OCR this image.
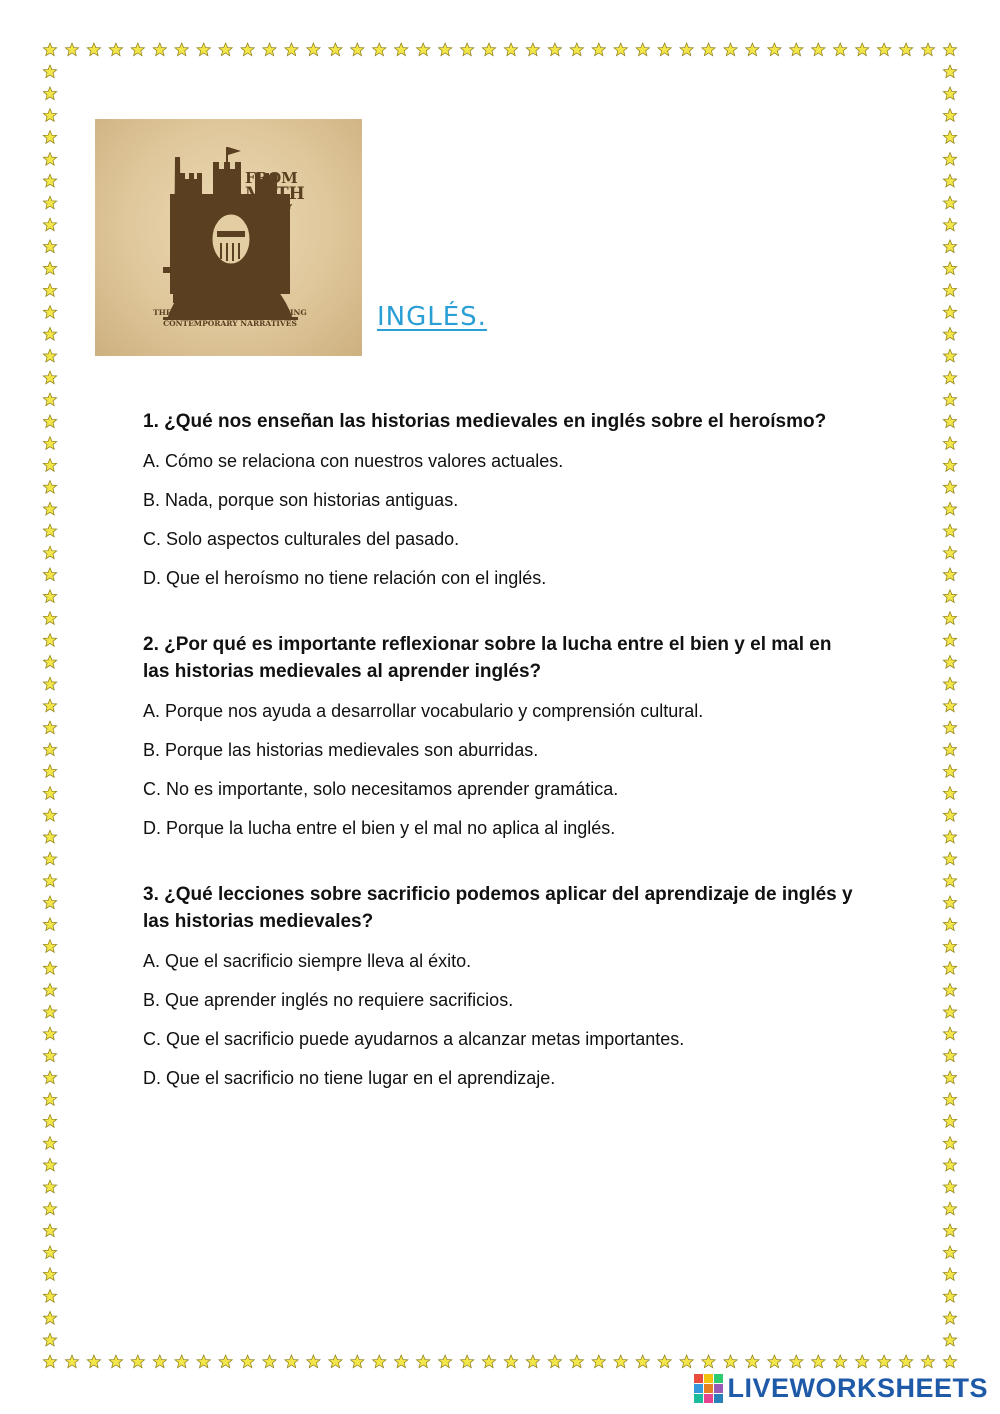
FROM
MYTH
MODERNITY
THE MEDIEVAL ESSENCE SHAPING
CONTEMPORARY NARRATIVES	INGLÉS.

1. ¿Qué nos enseñan las historias medievales en inglés sobre el heroísmo?

A. Cómo se relaciona con nuestros valores actuales.

B. Nada, porque son historias antiguas.

C. Solo aspectos culturales del pasado.

D. Que el heroísmo no tiene relación con el inglés.

2. ¿Por qué es importante reflexionar sobre la lucha entre el bien y el mal en las historias medievales al aprender inglés?

A. Porque nos ayuda a desarrollar vocabulario y comprensión cultural.

B. Porque las historias medievales son aburridas.

C. No es importante, solo necesitamos aprender gramática.

D. Porque la lucha entre el bien y el mal no aplica al inglés.

3. ¿Qué lecciones sobre sacrificio podemos aplicar del aprendizaje de inglés y las historias medievales?

A. Que el sacrificio siempre lleva al éxito.

B. Que aprender inglés no requiere sacrificios.

C. Que el sacrificio puede ayudarnos a alcanzar metas importantes.

D. Que el sacrificio no tiene lugar en el aprendizaje.

LIVEWORKSHEETS
